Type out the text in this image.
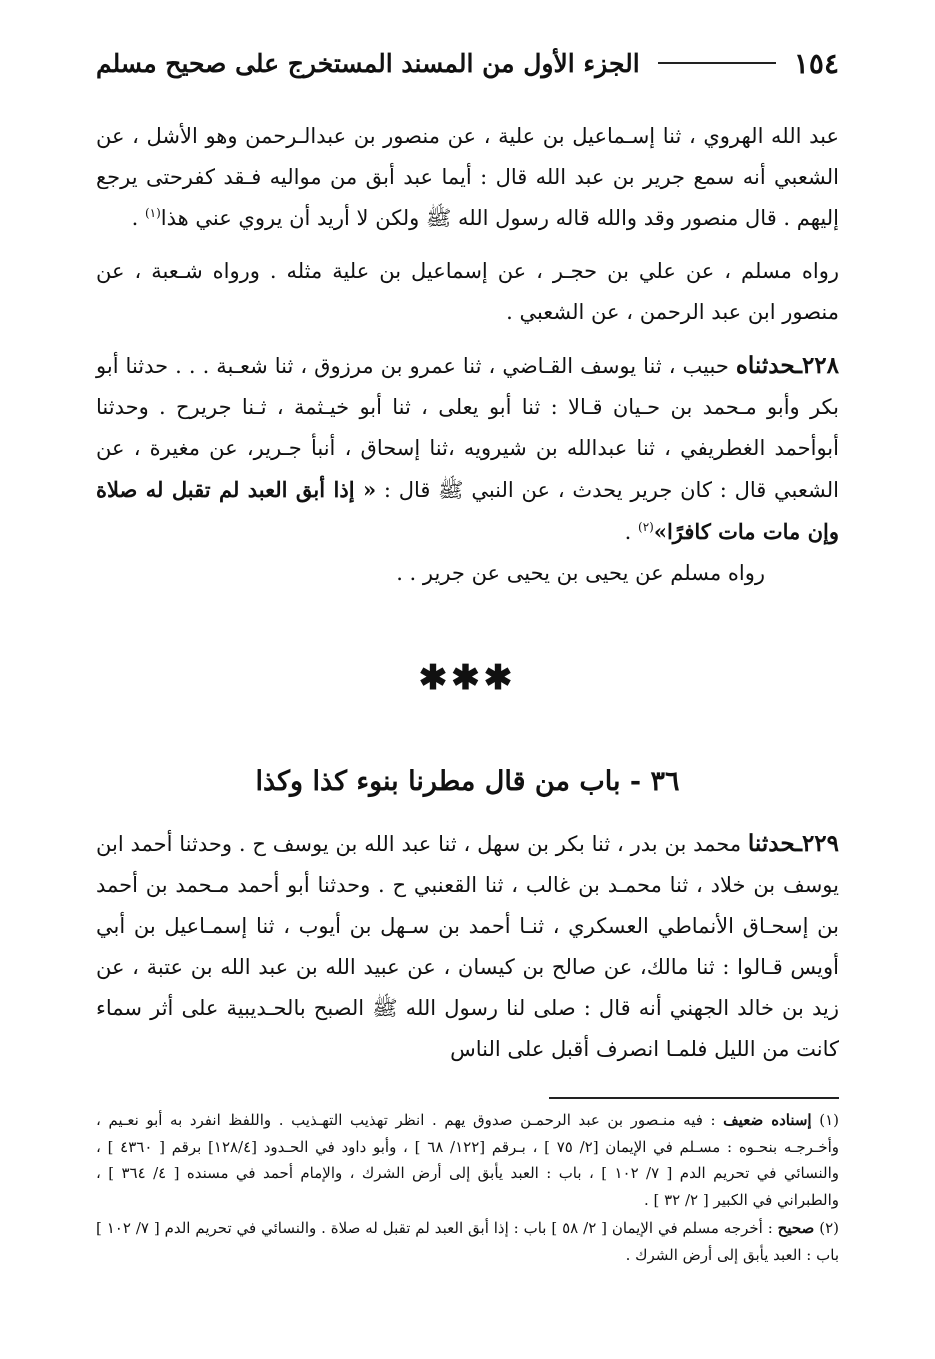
١٥٤
الجزء الأول من المسند المستخرج على صحيح مسلم

عبد الله الهروي ، ثنا إسـماعيل بن علية ، عن منصور بن عبدالـرحمن وهو الأشل ، عن الشعبي أنه سمع جرير بن عبد الله قال : أيما عبد أبق من مواليه فـقد كفرحتى يرجع إليهم . قال منصور وقد والله قاله رسول الله ﷺ ولكن لا أريد أن يروي عني هذا$^{(١)}$ .

رواه مسلم ، عن علي بن حجـر ، عن إسماعيل بن علية مثله . ورواه شـعبة ، عن منصور ابن عبد الرحمن ، عن الشعبي .

٢٢٨ـحدثناه حبيب ، ثنا يوسف القـاضي ، ثنا عمرو بن مرزوق ، ثنا شعـبة . . . حدثنا أبو بكر وأبو مـحمد بن حـيان قـالا : ثنا أبو يعلى ، ثنا أبو خيـثمة ، ثـنا جريرح . وحدثنا أبوأحمد الغطريفي ، ثنا عبدالله بن شيرويه ،ثنا إسحاق ، أنبأ جـرير، عن مغيرة ، عن الشعبي قال : كان جرير يحدث ، عن النبي ﷺ قال : « إذا أبق العبد لم تقبل له صلاة وإن مات مات كافرًا»$^{(٢)}$ .

رواه مسلم عن يحيى بن يحيى عن جرير . .

✱✱✱
٣٦ - باب من قال مطرنا بنوء كذا وكذا

٢٢٩ـحدثنا محمد بن بدر ، ثنا بكر بن سهل ، ثنا عبد الله بن يوسف ح . وحدثنا أحمد ابن يوسف بن خلاد ، ثنا محمـد بن غالب ، ثنا القعنبي ح . وحدثنا أبو أحمد مـحمد بن أحمد بن إسحـاق الأنماطي العسكري ، ثنـا أحمد بن سـهل بن أيوب ، ثنا إسمـاعيل بن أبي أويس قـالوا : ثنا مالك، عن صالح بن كيسان ، عن عبيد الله بن عبد الله بن عتبة ، عن زيد بن خالد الجهني أنه قال : صلى لنا رسول الله ﷺ الصبح بالحـديبية على أثر سماء كانت من الليل فلمـا انصرف أقبل على الناس

(١) إسناده ضعيف : فيه منـصور بن عبد الرحمـن صدوق يهم . انظر تهذيب التهـذيب . واللفظ انفرد به أبو نعـيم ، وأخـرجـه بنحـوه : مسـلم في الإيمان [٢/ ٧٥ ] ، بـرقم [١٢٢/ ٦٨ ] ، وأبو داود في الحـدود [١٢٨/٤] برقم [ ٤٣٦٠ ] ، والنسائي في تحريم الدم [ ٧/ ١٠٢ ] ، باب : العبد يأبق إلى أرض الشرك ، والإمام أحمد في مسنده [ ٤/ ٣٦٤ ] ، والطبراني في الكبير [ ٢/ ٣٢ ] .

(٢) صحيح : أخرجه مسلم في الإيمان [ ٢/ ٥٨ ] باب : إذا أبق العبد لم تقبل له صلاة . والنسائي في تحريم الدم [ ٧/ ١٠٢ ] باب : العبد يأبق إلى أرض الشرك .
